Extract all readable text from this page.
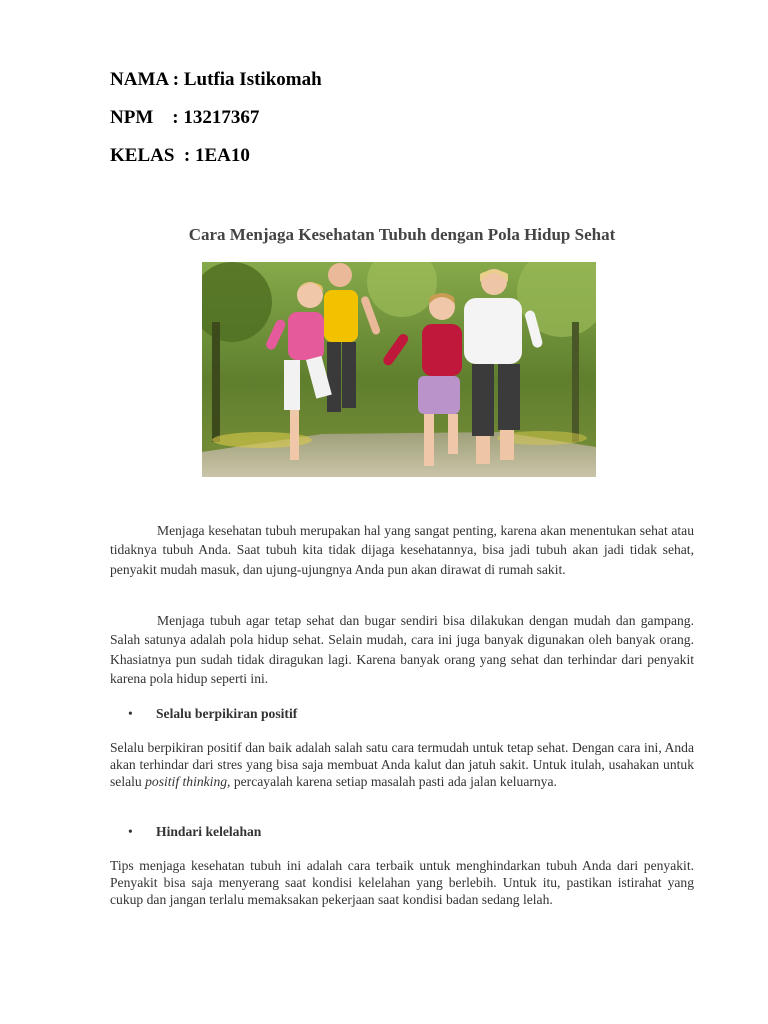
NAMA : Lutfia Istikomah
NPM    : 13217367
KELAS  : 1EA10
Cara Menjaga Kesehatan Tubuh dengan Pola Hidup Sehat

Menjaga kesehatan tubuh merupakan hal yang sangat penting, karena akan menentukan sehat atau tidaknya tubuh Anda. Saat tubuh kita tidak dijaga kesehatannya, bisa jadi tubuh akan jadi tidak sehat, penyakit mudah masuk, dan ujung-ujungnya Anda pun akan dirawat di rumah sakit.

Menjaga tubuh agar tetap sehat dan bugar sendiri bisa dilakukan dengan mudah dan gampang. Salah satunya adalah pola hidup sehat. Selain mudah, cara ini juga banyak digunakan oleh banyak orang. Khasiatnya pun sudah tidak diragukan lagi. Karena banyak orang yang sehat dan terhindar dari penyakit karena pola hidup seperti ini.

• Selalu berpikiran positif

Selalu berpikiran positif dan baik adalah salah satu cara termudah untuk tetap sehat. Dengan cara ini, Anda akan terhindar dari stres yang bisa saja membuat Anda kalut dan jatuh sakit. Untuk itulah, usahakan untuk selalu positif thinking, percayalah karena setiap masalah pasti ada jalan keluarnya.

• Hindari kelelahan

Tips menjaga kesehatan tubuh ini adalah cara terbaik untuk menghindarkan tubuh Anda dari penyakit. Penyakit bisa saja menyerang saat kondisi kelelahan yang berlebih. Untuk itu, pastikan istirahat yang cukup dan jangan terlalu memaksakan pekerjaan saat kondisi badan sedang lelah.
